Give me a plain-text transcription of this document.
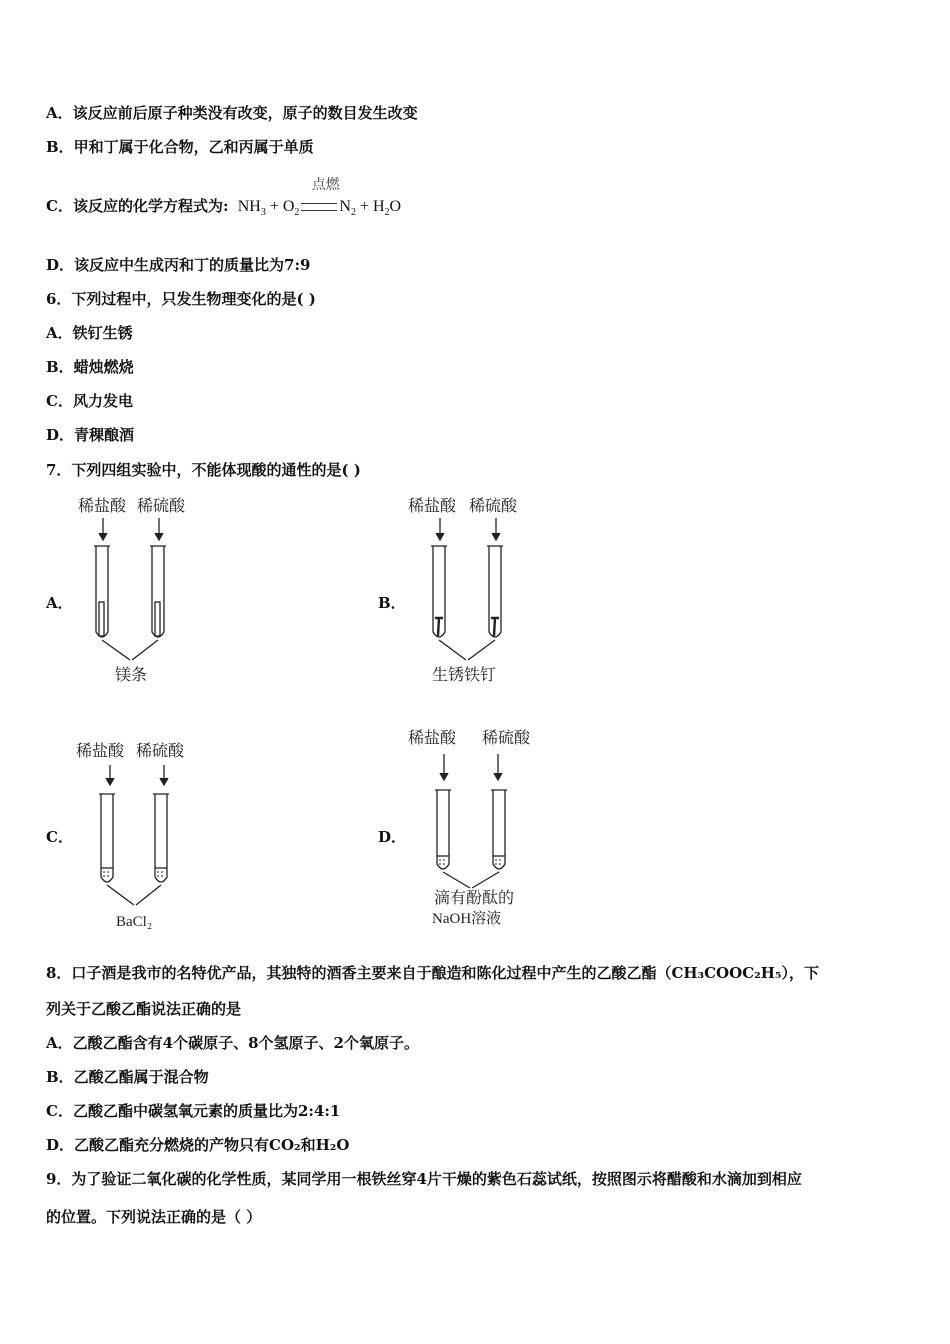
A．该反应前后原子种类没有改变，原子的数目发生改变
B．甲和丁属于化合物，乙和丙属于单质
C．该反应的化学方程式为:  $NH_3 + O_2$	$N_2 + H_2O$
点燃
D．该反应中生成丙和丁的质量比为7:9
6．下列过程中，只发生物理变化的是( )
A．铁钉生锈
B．蜡烛燃烧
C．风力发电
D．青稞酿酒
7．下列四组实验中，不能体现酸的通性的是( )
A．	B．
C．	D．
稀盐酸 稀硫酸
镁条
稀盐酸 稀硫酸
生锈铁钉
稀盐酸 稀硫酸
BaCl₂
稀盐酸 稀硫酸
滴有酚酞的
NaOH溶液
8．口子酒是我市的名特优产品，其独特的酒香主要来自于酿造和陈化过程中产生的乙酸乙酯（CH₃COOC₂H₅），下
列关于乙酸乙酯说法正确的是
A．乙酸乙酯含有4个碳原子、8个氢原子、2个氧原子。
B．乙酸乙酯属于混合物
C．乙酸乙酯中碳氢氧元素的质量比为2:4:1
D．乙酸乙酯充分燃烧的产物只有CO₂和H₂O
9．为了验证二氧化碳的化学性质，某同学用一根铁丝穿4片干燥的紫色石蕊试纸，按照图示将醋酸和水滴加到相应
的位置。下列说法正确的是（ ）
